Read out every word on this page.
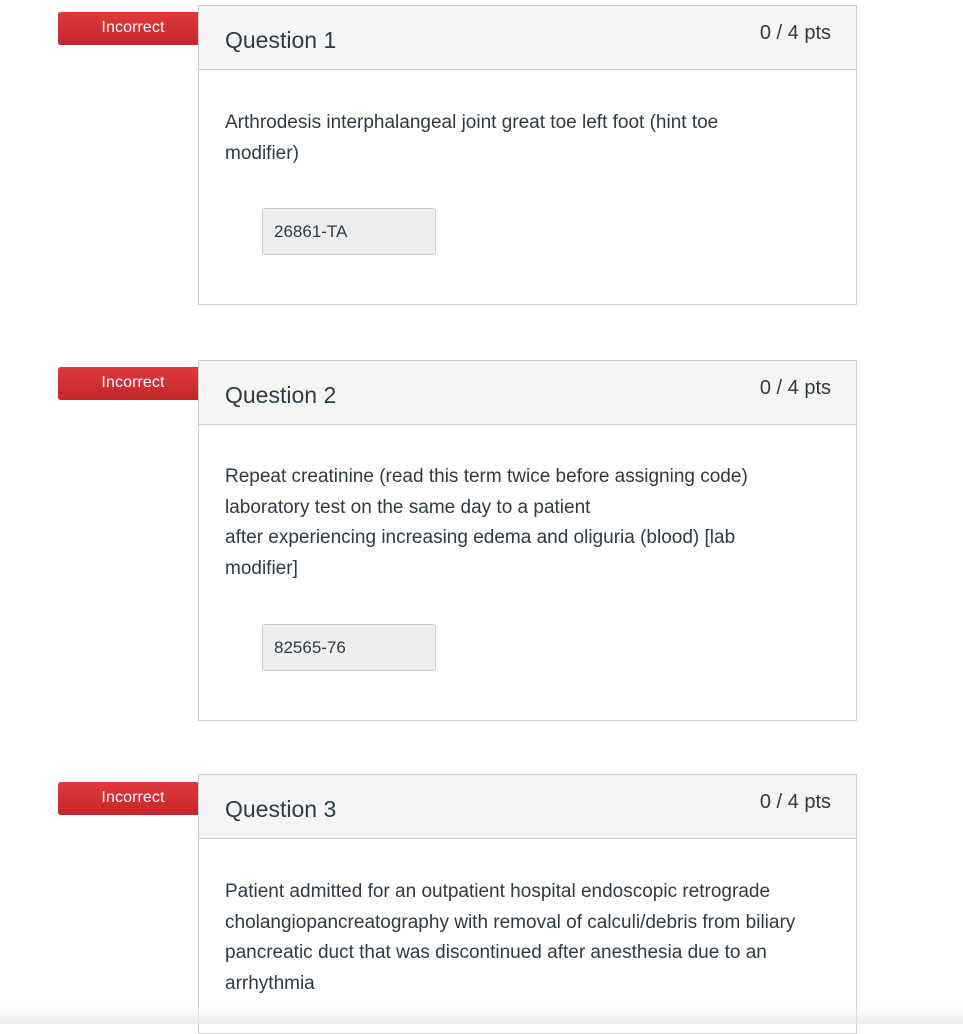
Incorrect	Question 1	0 / 4 pts

Arthrodesis interphalangeal joint great toe left foot (hint toe modifier)

26861-TA
Incorrect	Question 2	0 / 4 pts

Repeat creatinine (read this term twice before assigning code) laboratory test on the same day to a patient

after experiencing increasing edema and oliguria (blood) [lab modifier]

82565-76
Incorrect	Question 3	0 / 4 pts

Patient admitted for an outpatient hospital endoscopic retrograde cholangiopancreatography with removal of calculi/debris from biliary pancreatic duct that was discontinued after anesthesia due to an arrhythmia
